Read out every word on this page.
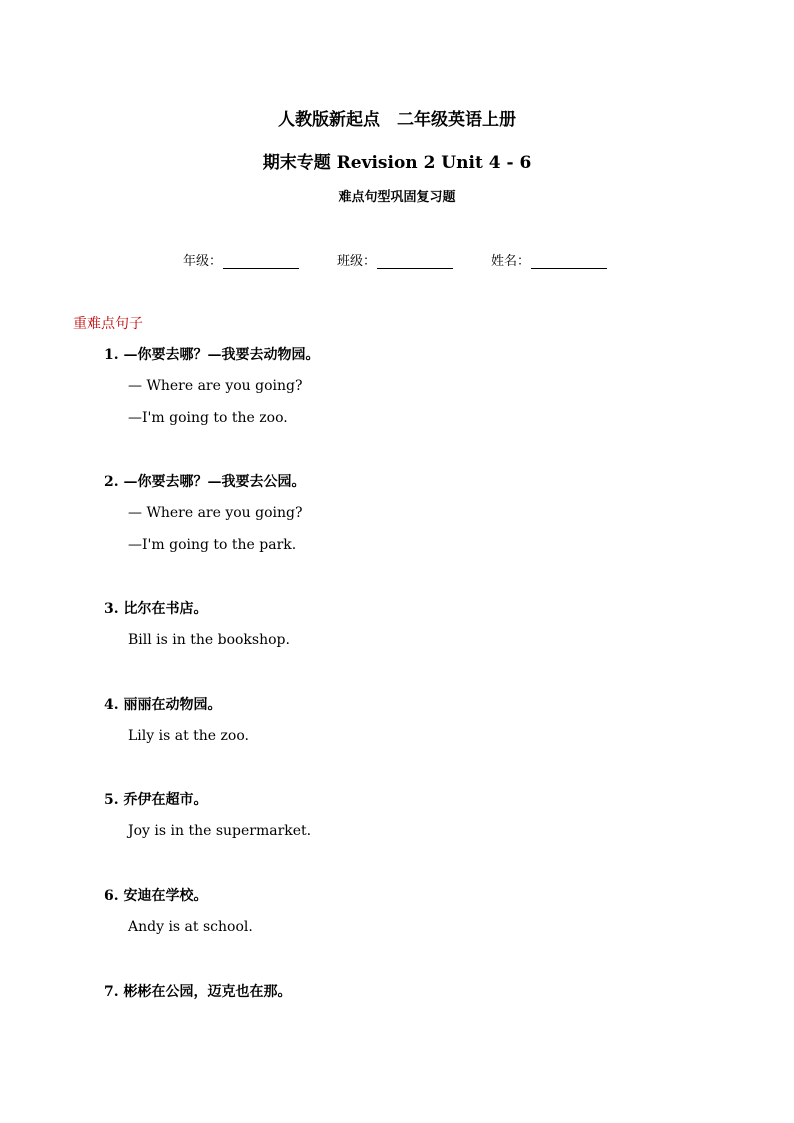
人教版新起点　二年级英语上册
期末专题 Revision 2 Unit 4 - 6
难点句型巩固复习题
年级：	班级：	姓名：
重难点句子
1. —你要去哪？—我要去动物园。
— Where are you going?
—I'm going to the zoo.
2. —你要去哪？—我要去公园。
— Where are you going?
—I'm going to the park.
3. 比尔在书店。
Bill is in the bookshop.
4. 丽丽在动物园。
Lily is at the zoo.
5. 乔伊在超市。
Joy is in the supermarket.
6. 安迪在学校。
Andy is at school.
7. 彬彬在公园，迈克也在那。
